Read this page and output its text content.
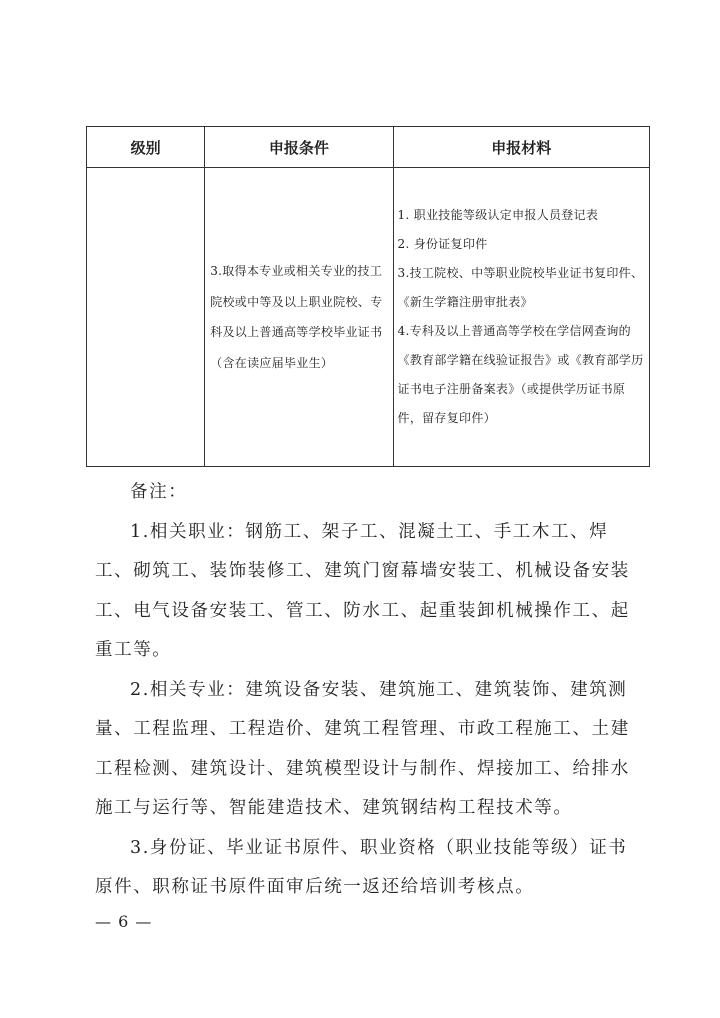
级别	申报条件	申报材料
	3.取得本专业或相关专业的技工院校或中等及以上职业院校、专科及以上普通高等学校毕业证书（含在读应届毕业生）	1. 职业技能等级认定申报人员登记表
2. 身份证复印件
3.技工院校、中等职业院校毕业证书复印件、《新生学籍注册审批表》
4.专科及以上普通高等学校在学信网查询的《教育部学籍在线验证报告》或《教育部学历证书电子注册备案表》（或提供学历证书原件，留存复印件）
备注：
1.相关职业：钢筋工、架子工、混凝土工、手工木工、焊工、砌筑工、装饰装修工、建筑门窗幕墙安装工、机械设备安装工、电气设备安装工、管工、防水工、起重装卸机械操作工、起重工等。
2.相关专业：建筑设备安装、建筑施工、建筑装饰、建筑测量、工程监理、工程造价、建筑工程管理、市政工程施工、土建工程检测、建筑设计、建筑模型设计与制作、焊接加工、给排水施工与运行等、智能建造技术、建筑钢结构工程技术等。
3.身份证、毕业证书原件、职业资格（职业技能等级）证书原件、职称证书原件面审后统一返还给培训考核点。
— 6 —
